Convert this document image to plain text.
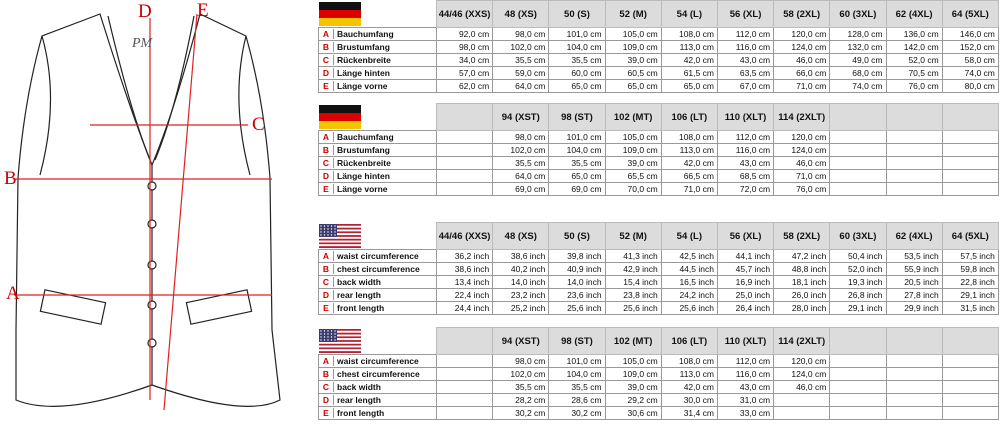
A
B
C
D E
PM
	44/46 (XXS)	48 (XS)	50 (S)	52 (M)	54 (L)	56 (XL)	58 (2XL)	60 (3XL)	62 (4XL)	64 (5XL)
A Bauchumfang	92,0 cm	98,0 cm	101,0 cm	105,0 cm	108,0 cm	112,0 cm	120,0 cm	128,0 cm	136,0 cm	146,0 cm
B Brustumfang	98,0 cm	102,0 cm	104,0 cm	109,0 cm	113,0 cm	116,0 cm	124,0 cm	132,0 cm	142,0 cm	152,0 cm
C Rückenbreite	34,0 cm	35,5 cm	35,5 cm	39,0 cm	42,0 cm	43,0 cm	46,0 cm	49,0 cm	52,0 cm	58,0 cm
D Länge hinten	57,0 cm	59,0 cm	60,0 cm	60,5 cm	61,5 cm	63,5 cm	66,0 cm	68,0 cm	70,5 cm	74,0 cm
E Länge vorne	62,0 cm	64,0 cm	65,0 cm	65,0 cm	65,0 cm	67,0 cm	71,0 cm	74,0 cm	76,0 cm	80,0 cm
		94 (XST)	98 (ST)	102 (MT)	106 (LT)	110 (XLT)	114 (2XLT)			
A Bauchumfang		98,0 cm	101,0 cm	105,0 cm	108,0 cm	112,0 cm	120,0 cm			
B Brustumfang		102,0 cm	104,0 cm	109,0 cm	113,0 cm	116,0 cm	124,0 cm			
C Rückenbreite		35,5 cm	35,5 cm	39,0 cm	42,0 cm	43,0 cm	46,0 cm			
D Länge hinten		64,0 cm	65,0 cm	65,5 cm	66,5 cm	68,5 cm	71,0 cm			
E Länge vorne		69,0 cm	69,0 cm	70,0 cm	71,0 cm	72,0 cm	76,0 cm			
	44/46 (XXS)	48 (XS)	50 (S)	52 (M)	54 (L)	56 (XL)	58 (2XL)	60 (3XL)	62 (4XL)	64 (5XL)
A waist circumference	36,2 inch	38,6 inch	39,8 inch	41,3 inch	42,5 inch	44,1 inch	47,2 inch	50,4 inch	53,5 inch	57,5 inch
B chest circumference	38,6 inch	40,2 inch	40,9 inch	42,9 inch	44,5 inch	45,7 inch	48,8 inch	52,0 inch	55,9 inch	59,8 inch
C back width	13,4 inch	14,0 inch	14,0 inch	15,4 inch	16,5 inch	16,9 inch	18,1 inch	19,3 inch	20,5 inch	22,8 inch
D rear length	22,4 inch	23,2 inch	23,6 inch	23,8 inch	24,2 inch	25,0 inch	26,0 inch	26,8 inch	27,8 inch	29,1 inch
E front length	24,4 inch	25,2 inch	25,6 inch	25,6 inch	25,6 inch	26,4 inch	28,0 inch	29,1 inch	29,9 inch	31,5 inch
		94 (XST)	98 (ST)	102 (MT)	106 (LT)	110 (XLT)	114 (2XLT)			
A waist circumference		98,0 cm	101,0 cm	105,0 cm	108,0 cm	112,0 cm	120,0 cm			
B chest circumference		102,0 cm	104,0 cm	109,0 cm	113,0 cm	116,0 cm	124,0 cm			
C back width		35,5 cm	35,5 cm	39,0 cm	42,0 cm	43,0 cm	46,0 cm			
D rear length		28,2 cm	28,6 cm	29,2 cm	30,0 cm	31,0 cm				
E front length		30,2 cm	30,2 cm	30,6 cm	31,4 cm	33,0 cm				
